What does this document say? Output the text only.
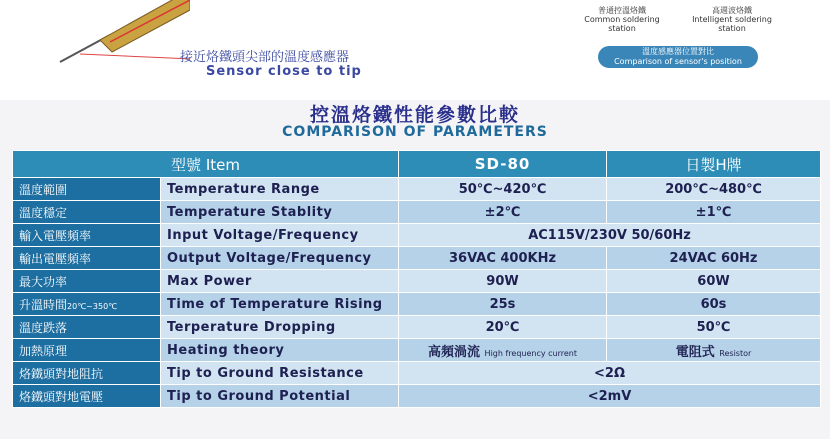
接近烙鐵頭尖部的溫度感應器
Sensor close to tip
普通控溫烙鐵
Common soldering
station
高週波烙鐵
Intelligent soldering
station
溫度感應器位置對比
Comparison of sensor's position
控溫烙鐵性能參數比較
COMPARISON OF PARAMETERS
型號 Item		SD-80	日製H牌
溫度範圍	Temperature Range	50℃~420℃	200℃~480℃
溫度穩定	Temperature Stablity	±2℃	±1℃
輸入電壓頻率	Input Voltage/Frequency	AC115V/230V 50/60Hz	
輸出電壓頻率	Output Voltage/Frequency	36VAC 400KHz	24VAC 60Hz
最大功率	Max Power	90W	60W
升溫時間20℃~350℃	Time of Temperature Rising	25s	60s
溫度跌落	Terperature Dropping	20℃	50℃
加熱原理	Heating theory	高頻渦流 High frequency current	電阻式 Resistor
烙鐵頭對地阻抗	Tip to Ground Resistance	<2Ω	
烙鐵頭對地電壓	Tip to Ground Potential	<2mV	
